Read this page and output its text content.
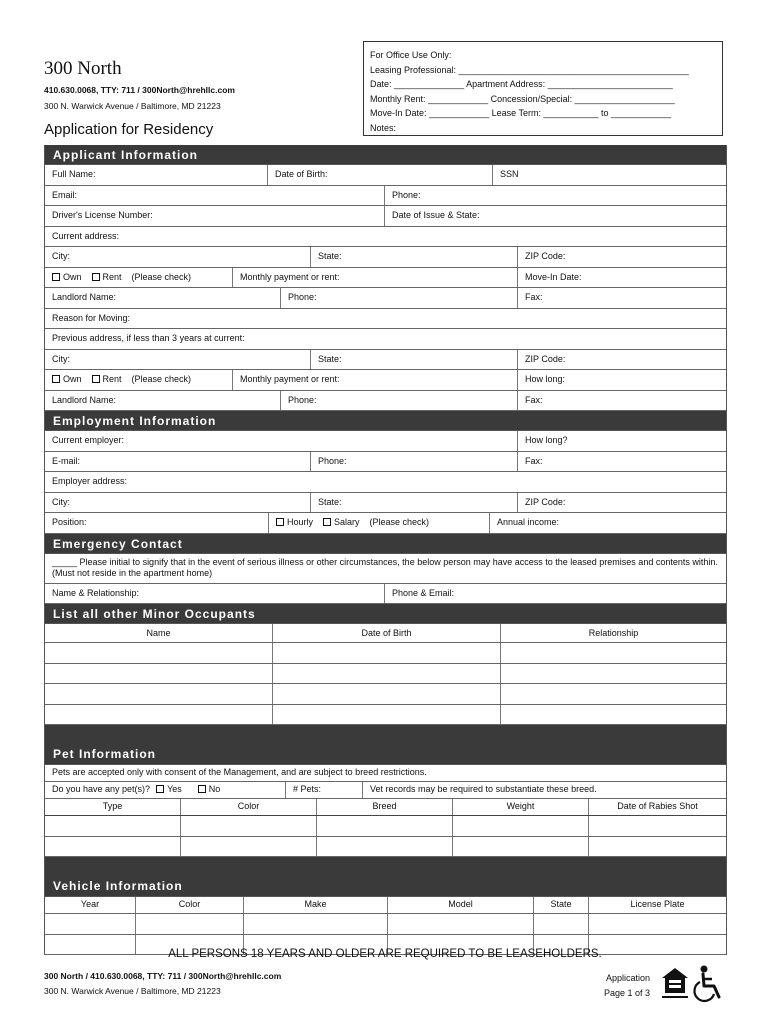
300 North
410.630.0068, TTY: 711 / 300North@hrehllc.com
300 N. Warwick Avenue / Baltimore, MD 21223
Application for Residency
For Office Use Only:
Leasing Professional: ______________________________________________
Date: ______________ Apartment Address: _________________________
Monthly Rent: ____________ Concession/Special: ____________________
Move-In Date: ____________ Lease Term: ___________ to ____________
Notes:
Applicant Information
Full Name:	Date of Birth:	SSN
Email:	Phone:
Driver's License Number:	Date of Issue & State:
Current address:
City:	State:	ZIP Code:
Own Rent (Please check)	Monthly payment or rent:	Move-In Date:
Landlord Name:	Phone:	Fax:
Reason for Moving:
Previous address, if less than 3 years at current:
City:	State:	ZIP Code:
Own Rent (Please check)	Monthly payment or rent:	How long:
Landlord Name:	Phone:	Fax:
Employment Information
Current employer:	How long?
E-mail:	Phone:	Fax:
Employer address:
City:	State:	ZIP Code:
Position:	Hourly Salary (Please check)	Annual income:
Emergency Contact
_____ Please initial to signify that in the event of serious illness or other circumstances, the below person may have access to the leased premises and contents within. (Must not reside in the apartment home)
Name & Relationship:	Phone & Email:
List all other Minor Occupants
Name	Date of Birth	Relationship
Pet Information
Pets are accepted only with consent of the Management, and are subject to breed restrictions.
Do you have any pet(s)? Yes	No	# Pets:	Vet records may be required to substantiate these breed.
Type	Color	Breed	Weight	Date of Rabies Shot
Vehicle Information
Year	Color	Make	Model	State	License Plate
ALL PERSONS 18 YEARS AND OLDER ARE REQUIRED TO BE LEASEHOLDERS.
300 North / 410.630.0068, TTY: 711 / 300North@hrehllc.com
300 N. Warwick Avenue / Baltimore, MD 21223
Application
Page 1 of 3
